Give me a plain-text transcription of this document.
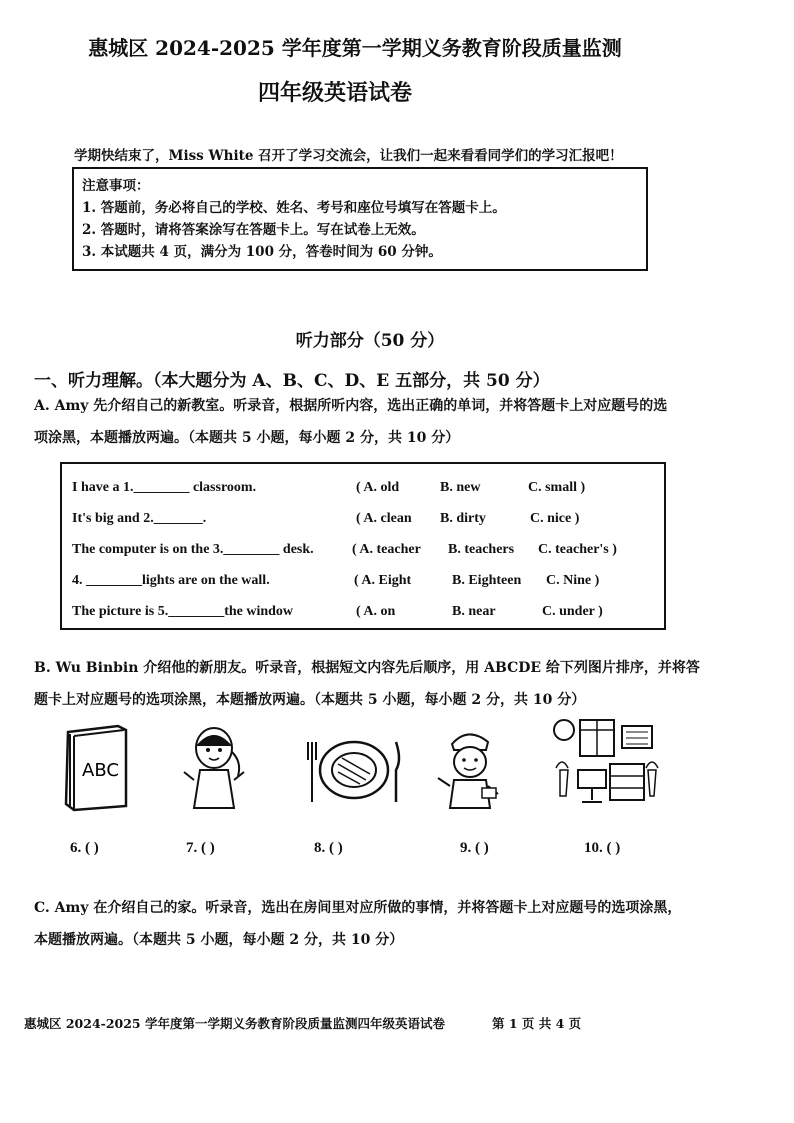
惠城区 2024-2025 学年度第一学期义务教育阶段质量监测
四年级英语试卷
学期快结束了，Miss White 召开了学习交流会，让我们一起来看看同学们的学习汇报吧！
注意事项：
1. 答题前，务必将自己的学校、姓名、考号和座位号填写在答题卡上。
2. 答题时，请将答案涂写在答题卡上。写在试卷上无效。
3. 本试题共 4 页，满分为 100 分，答卷时间为 60 分钟。
听力部分（50 分）
一、听力理解。（本大题分为 A、B、C、D、E 五部分，共 50 分）
A. Amy 先介绍自己的新教室。听录音，根据所听内容，选出正确的单词，并将答题卡上对应题号的选
项涂黑，本题播放两遍。（本题共 5 小题，每小题 2 分，共 10 分）
I have a 1.________ classroom.	( A. old	B. new	C. small )
It's big and 2._______.	( A. clean B. dirty	C. nice )
The computer is on the 3.________ desk.	( A. teacher B. teachers C. teacher's )
4. ________lights are on the wall.	( A. Eight	B. Eighteen C. Nine )
The picture is 5.________the window	( A. on	B. near	C. under )
B. Wu Binbin 介绍他的新朋友。听录音，根据短文内容先后顺序，用 ABCDE 给下列图片排序，并将答
题卡上对应题号的选项涂黑，本题播放两遍。（本题共 5 小题，每小题 2 分，共 10 分）
ABC
6. ( )	7. ( )	8. ( )	9. ( )	10. ( )
C. Amy 在介绍自己的家。听录音，选出在房间里对应所做的事情，并将答题卡上对应题号的选项涂黑，
本题播放两遍。（本题共 5 小题，每小题 2 分，共 10 分）
惠城区 2024-2025 学年度第一学期义务教育阶段质量监测四年级英语试卷	第 1 页 共 4 页
